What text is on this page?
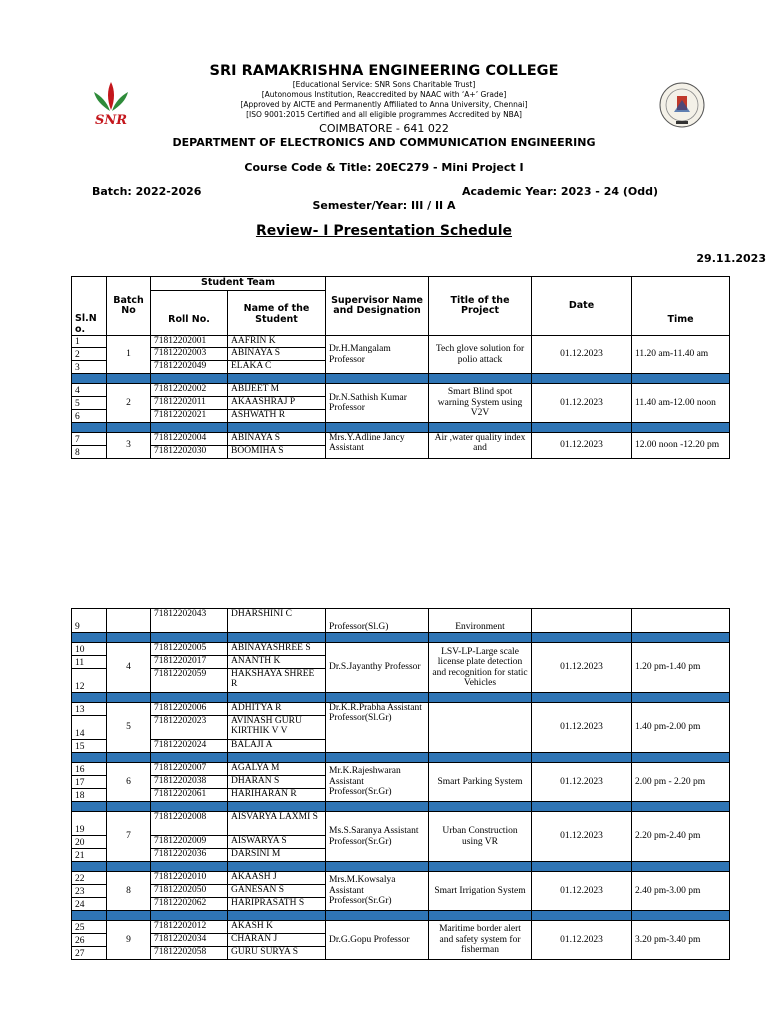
SNR
SRI RAMAKRISHNA ENGINEERING COLLEGE
[Educational Service: SNR Sons Charitable Trust]
[Autonomous Institution, Reaccredited by NAAC with ‘A+’ Grade]
[Approved by AICTE and Permanently Affiliated to Anna University, Chennai]
[ISO 9001:2015 Certified and all eligible programmes Accredited by NBA]
COIMBATORE - 641 022
DEPARTMENT OF ELECTRONICS AND COMMUNICATION ENGINEERING
Course Code & Title: 20EC279 - Mini Project I
Batch: 2022-2026	Academic Year: 2023 - 24 (Odd)
Semester/Year: III / II A
Review- I Presentation Schedule
29.11.2023
Sl.N o.	Batch No	Student Team		Supervisor Name and Designation	Title of the Project	Date	Time
		Roll No.	Name of the Student				
1	1	71812202001	AAFRIN K	Dr.H.Mangalam Professor	Tech glove solution for polio attack	01.12.2023	11.20 am-11.40 am
2		71812202003	ABINAYA S				
3		71812202049	ELAKA C				

4	2	71812202002	ABIJEET M	Dr.N.Sathish Kumar Professor	Smart Blind spot warning System using V2V	01.12.2023	11.40 am-12.00 noon
5		71812202011	AKAASHRAJ P				
6		71812202021	ASHWATH R				

7	3	71812202004	ABINAYA S	Mrs.Y.Adline Jancy Assistant	Air ,water quality index and	01.12.2023	12.00 noon -12.20 pm
8		71812202030	BOOMIHA S				
9		71812202043	DHARSHINI C	Professor(Sl.G)	Environment		

10	4	71812202005	ABINAYASHREE S	Dr.S.Jayanthy Professor	LSV-LP-Large scale license plate detection and recognition for static Vehicles	01.12.2023	1.20 pm-1.40 pm
11		71812202017	ANANTH K				
12		71812202059	HAKSHAYA SHREE R				

13	5	71812202006	ADHITYA R	Dr.K.R.Prabha Assistant Professor(Sl.Gr)		01.12.2023	1.40 pm-2.00 pm
14		71812202023	AVINASH GURU KIRTHIK V V				
15		71812202024	BALAJI A				

16	6	71812202007	AGALYA M	Mr.K.Rajeshwaran Assistant Professor(Sr.Gr)	Smart Parking System	01.12.2023	2.00 pm - 2.20 pm
17		71812202038	DHARAN S				
18		71812202061	HARIHARAN R				

19	7	71812202008	AISVARYA LAXMI S	Ms.S.Saranya Assistant Professor(Sr.Gr)	Urban Construction using VR	01.12.2023	2.20 pm-2.40 pm
20		71812202009	AISWARYA S				
21		71812202036	DARSINI M				

22	8	71812202010	AKAASH J	Mrs.M.Kowsalya Assistant Professor(Sr.Gr)	Smart Irrigation System	01.12.2023	2.40 pm-3.00 pm
23		71812202050	GANESAN S				
24		71812202062	HARIPRASATH S				

25	9	71812202012	AKASH K	Dr.G.Gopu Professor	Maritime border alert and safety system for fisherman	01.12.2023	3.20 pm-3.40 pm
26		71812202034	CHARAN J				
27		71812202058	GURU SURYA S				
